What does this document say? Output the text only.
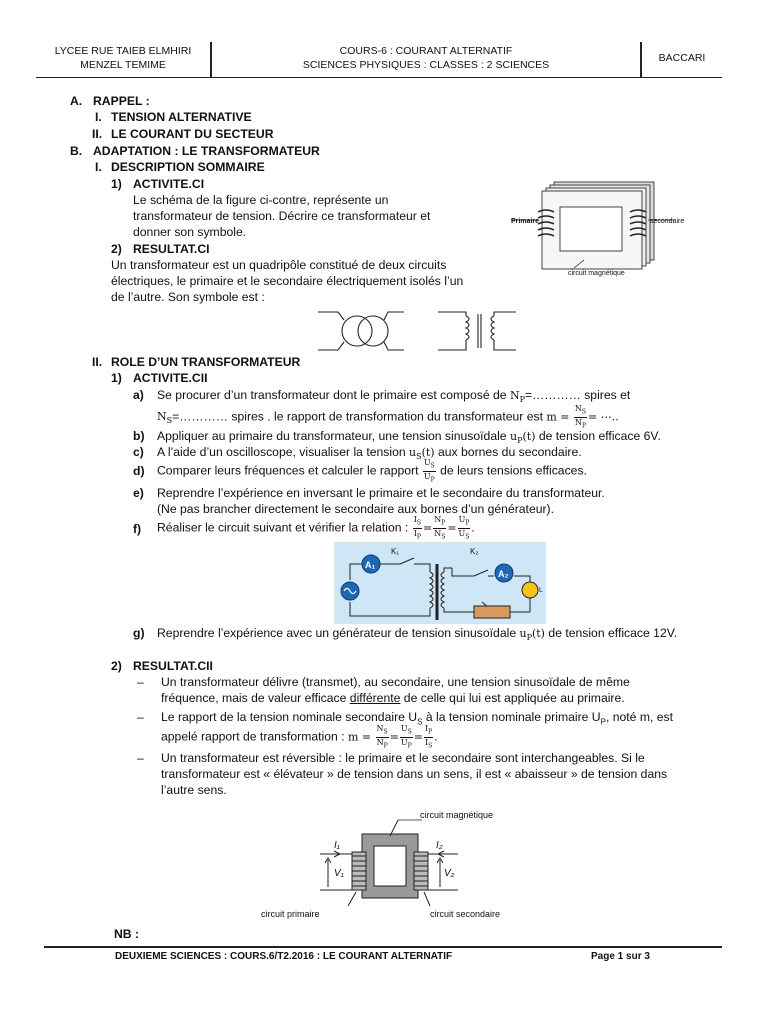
LYCEE RUE TAIEB ELMHIRI
MENZEL TEMIME
COURS-6 : COURANT ALTERNATIF
SCIENCES PHYSIQUES : CLASSES : 2 SCIENCES
BACCARI
A. RAPPEL :
I. TENSION ALTERNATIVE
II. LE COURANT DU SECTEUR
B. ADAPTATION : LE TRANSFORMATEUR
I. DESCRIPTION SOMMAIRE
1) ACTIVITE.CI
Le schéma de la figure ci-contre, représente un
transformateur de tension. Décrire ce transformateur et
donner son symbole.
2) RESULTAT.CI
Un transformateur est un quadripôle constitué de deux circuits
électriques, le primaire et le secondaire électriquement isolés l’un
de l’autre. Son symbole est :
Primaire	secondaire
circuit magnétique
II. ROLE D’UN TRANSFORMATEUR
1) ACTIVITE.CII
a) Se procurer d’un transformateur dont le primaire est composé de $N_P=\dots\dots\dots\dots$ spires et
$N_S=\dots\dots\dots\dots$ spires . le rapport de transformation du transformateur est $m = \frac{N_S}{N_P}$ = ⋯..
b) Appliquer au primaire du transformateur, une tension sinusoïdale $u_P(t)$ de tension efficace 6V.
c) A l’aide d’un oscilloscope, visualiser la tension $u_S(t)$ aux bornes du secondaire.
d) Comparer leurs fréquences et calculer le rapport $\frac{U_S}{U_P}$ de leurs tensions efficaces.
e) Reprendre l’expérience en inversant le primaire et le secondaire du transformateur.
(Ne pas brancher directement le secondaire aux bornes d’un générateur).
f) Réaliser le circuit suivant et vérifier la relation : $\frac{I_S}{I_P} = \frac{N_P}{N_S} = \frac{U_P}{U_S}$ .
A₁
A₂
L
K₁	K₂
g) Reprendre l’expérience avec un générateur de tension sinusoïdale $u_P(t)$ de tension efficace 12V.
2) RESULTAT.CII
– Un transformateur délivre (transmet), au secondaire, une tension sinusoïdale de même
fréquence, mais de valeur efficace différente de celle qui lui est appliquée au primaire.
– Le rapport de la tension nominale secondaire $U_S$ à la tension nominale primaire $U_P$, noté m, est
appelé rapport de transformation : $m = \frac{N_S}{N_P} = \frac{U_S}{U_P} = \frac{I_P}{I_S}$ .
– Un transformateur est réversible : le primaire et le secondaire sont interchangeables. Si le
transformateur est « élévateur » de tension dans un sens, il est « abaisseur » de tension dans
l’autre sens.
circuit magnétique
circuit primaire	circuit secondaire
I₁	I₂
V₁	V₂
NB :
DEUXIEME SCIENCES : COURS.6/T2.2016 : LE COURANT ALTERNATIF	Page 1 sur 3
